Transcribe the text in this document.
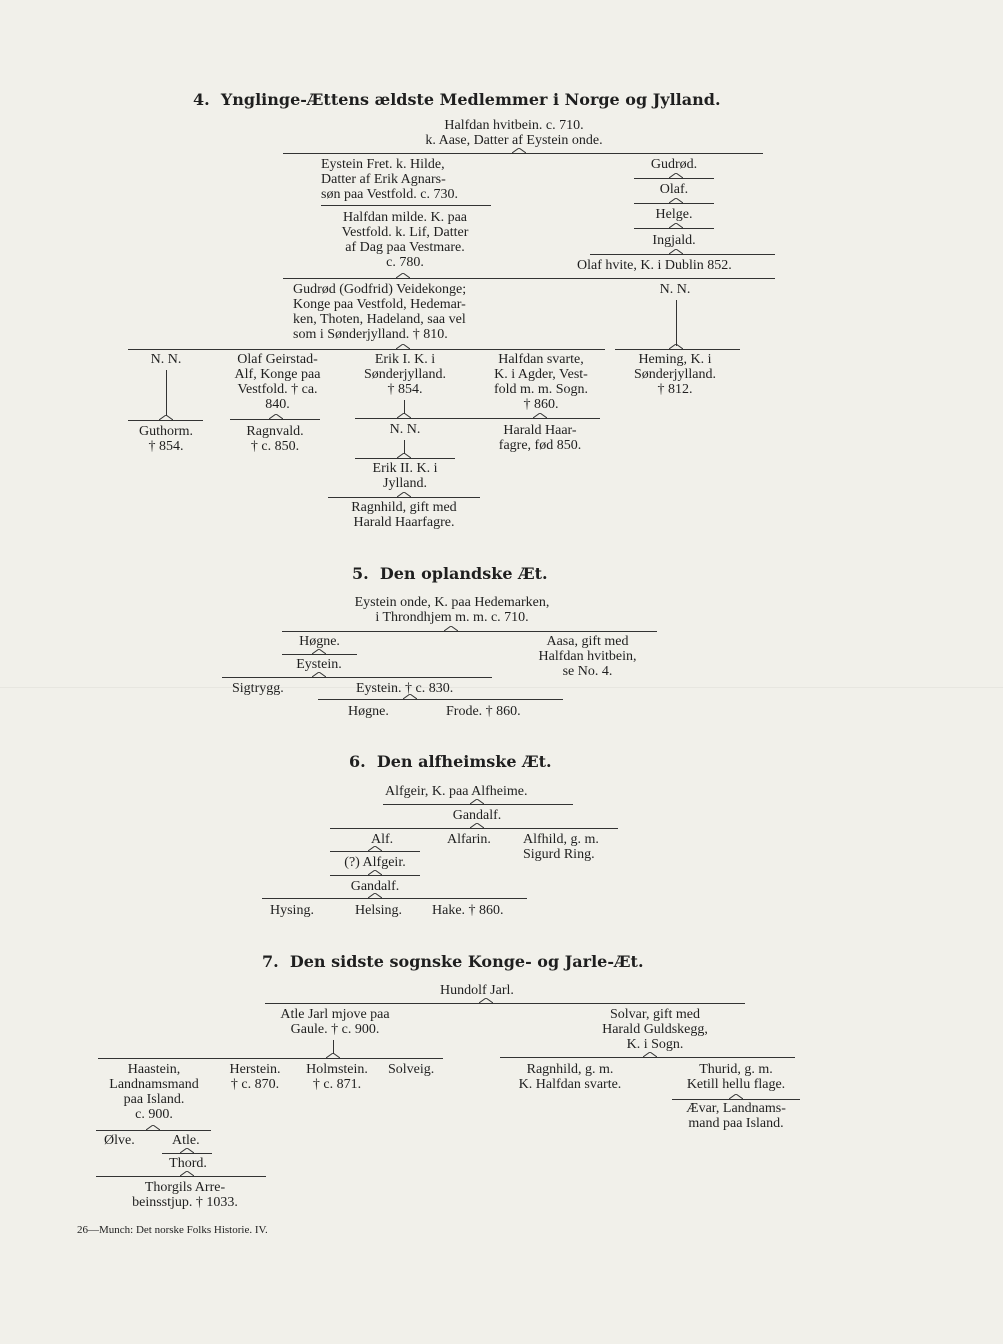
4. Ynglinge-Ættens ældste Medlemmer i Norge og Jylland.
Halfdan hvitbein. c. 710.
k. Aase, Datter af Eystein onde.
Eystein Fret. k. Hilde,
Datter af Erik Agnars-
søn paa Vestfold. c. 730.
Halfdan milde. K. paa
Vestfold. k. Lif, Datter
af Dag paa Vestmare.
c. 780.
Gudrød.
Olaf.
Helge.
Ingjald.
Olaf hvite, K. i Dublin 852.
Gudrød (Godfrid) Veidekonge;
Konge paa Vestfold, Hedemar-
ken, Thoten, Hadeland, saa vel
som i Sønderjylland. † 810.
N. N.
N. N.
Guthorm.
† 854.
Olaf Geirstad-
Alf, Konge paa
Vestfold. † ca.
840.
Ragnvald.
† c. 850.
Erik I. K. i
Sønderjylland.
† 854.
N. N.
Erik II. K. i
Jylland.
Ragnhild, gift med
Harald Haarfagre.
Halfdan svarte,
K. i Agder, Vest-
fold m. m. Sogn.
† 860.
Harald Haar-
fagre, fød 850.
Heming, K. i
Sønderjylland.
† 812.
5. Den oplandske Æt.
Eystein onde, K. paa Hedemarken,
i Throndhjem m. m. c. 710.
Høgne.	Aasa, gift med
Halfdan hvitbein,
se No. 4.
Eystein.
Sigtrygg.	Eystein. † c. 830.
Høgne.	Frode. † 860.
6. Den alfheimske Æt.
Alfgeir, K. paa Alfheime.
Gandalf.
Alf.	Alfarin. Alfhild, g. m.
Sigurd Ring.
(?) Alfgeir.
Gandalf.
Hysing.	Helsing. Hake. † 860.
7. Den sidste sognske Konge- og Jarle-Æt.
Hundolf Jarl.
Atle Jarl mjove paa
Gaule. † c. 900.
Solvar, gift med
Harald Guldskegg,
K. i Sogn.
Haastein,
Landnamsmand
paa Island.
c. 900.
Herstein.
† c. 870.
Holmstein.
† c. 871.
Solveig.	Ragnhild, g. m.
K. Halfdan svarte.
Thurid, g. m.
Ketill hellu flage.
Ævar, Landnams-
mand paa Island.
Ølve.	Atle.
Thord.
Thorgils Arre-
beinsstjup. † 1033.
26—Munch: Det norske Folks Historie. IV.
